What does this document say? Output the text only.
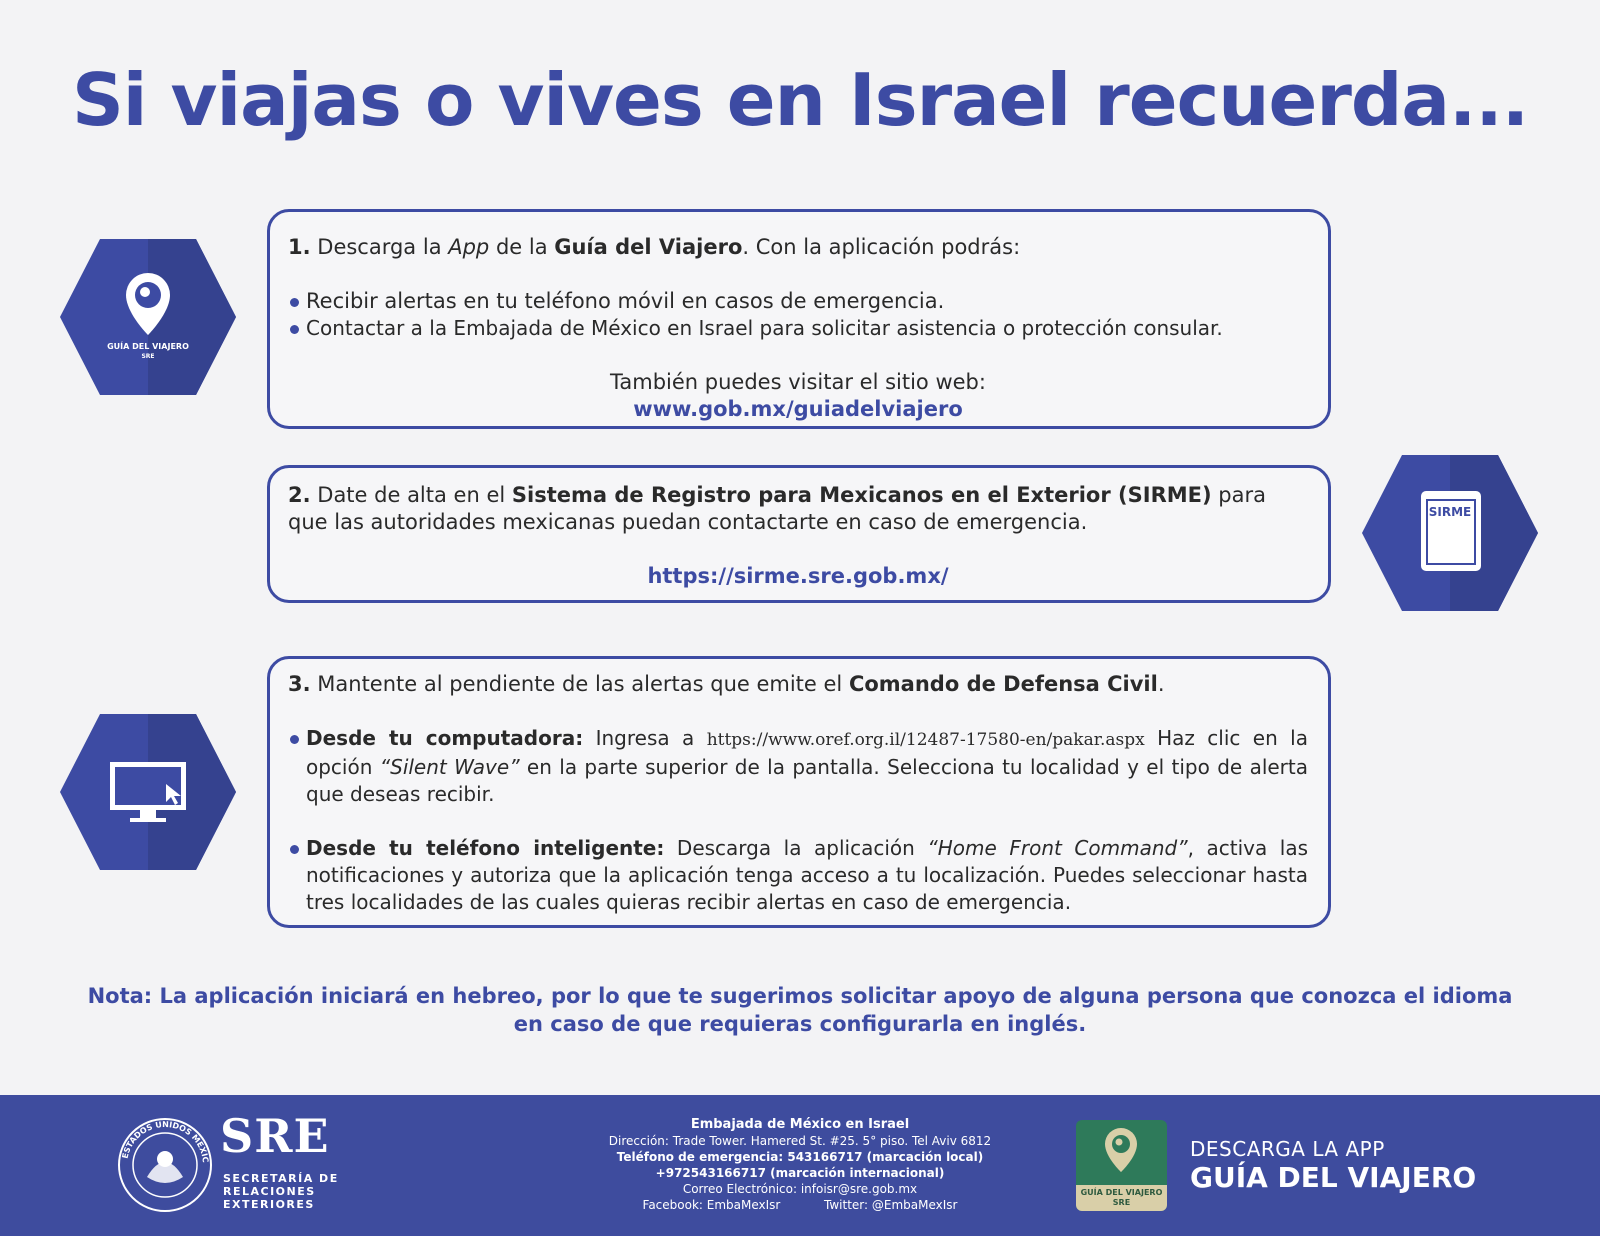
Si viajas o vives en Israel recuerda...
GUÍA DEL VIAJERO
SRE
SIRME

1. Descarga la App de la Guía del Viajero. Con la aplicación podrás:

Recibir alertas en tu teléfono móvil en casos de emergencia.

Contactar a la Embajada de México en Israel para solicitar asistencia o protección consular.

También puedes visitar el sitio web:

www.gob.mx/guiadelviajero

2. Date de alta en el Sistema de Registro para Mexicanos en el Exterior (SIRME) para que las autoridades mexicanas puedan contactarte en caso de emergencia.

https://sirme.sre.gob.mx/

3. Mantente al pendiente de las alertas que emite el Comando de Defensa Civil.

Desde tu computadora: Ingresa a https://www.oref.org.il/12487-17580-en/pakar.aspx Haz clic en la opción “Silent Wave” en la parte superior de la pantalla. Selecciona tu localidad y el tipo de alerta que deseas recibir.

Desde tu teléfono inteligente: Descarga la aplicación “Home Front Command”, activa las notificaciones y autoriza que la aplicación tenga acceso a tu localización. Puedes seleccionar hasta tres localidades de las cuales quieras recibir alertas en caso de emergencia.

Nota: La aplicación iniciará en hebreo, por lo que te sugerimos solicitar apoyo de alguna persona que conozca el idioma
en caso de que requieras configurarla en inglés.
ESTADOS UNIDOS MEXIC SRE
SECRETARÍA DE
RELACIONES
EXTERIORES
Embajada de México en Israel
Dirección: Trade Tower. Hamered St. #25. 5° piso. Tel Aviv 6812
Teléfono de emergencia: 543166717 (marcación local)
+972543166717 (marcación internacional)
Correo Electrónico: infoisr@sre.gob.mx
Facebook: EmbaMexIsr	Twitter: @EmbaMexIsr
GUÍA DEL VIAJERO
SRE
DESCARGA LA APP
GUÍA DEL VIAJERO
